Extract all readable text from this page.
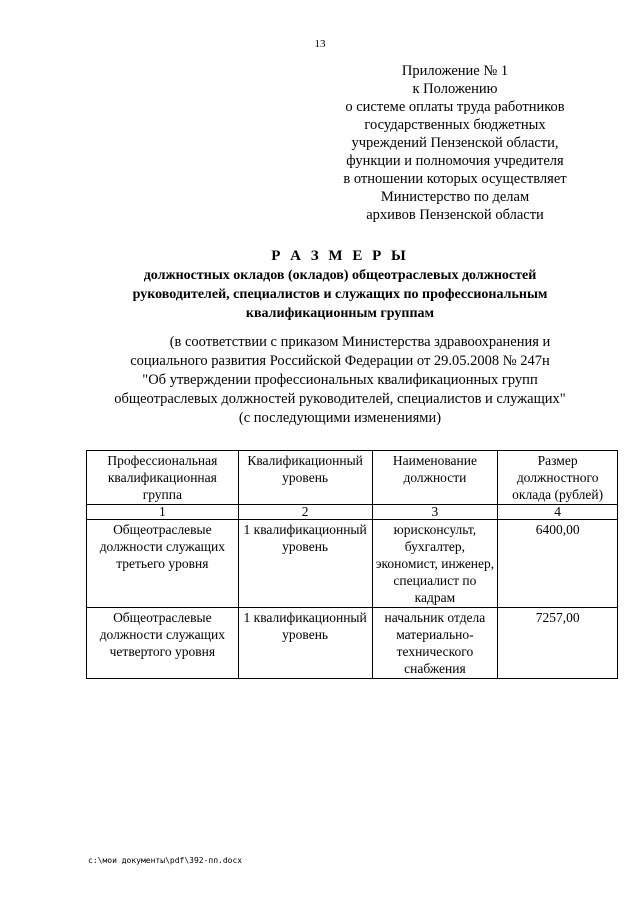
13
Приложение № 1
к Положению
о системе оплаты труда работников
государственных бюджетных
учреждений Пензенской области,
функции и полномочия учредителя
в отношении которых осуществляет
Министерство по делам
архивов Пензенской области
Р А З М Е Р Ы
должностных окладов (окладов) общеотраслевых должностей
руководителей, специалистов и служащих по профессиональным
квалификационным группам
(в соответствии с приказом Министерства здравоохранения и
социального развития Российской Федерации от 29.05.2008 № 247н
"Об утверждении профессиональных квалификационных групп
общеотраслевых должностей руководителей, специалистов и служащих"
(с последующими изменениями)
Профессиональная квалификационная группа	Квалификационный уровень	Наименование должности	Размер должностного оклада (рублей)
1	2	3	4
Общеотраслевые должности служащих третьего уровня	1 квалификационный уровень	юрисконсульт, бухгалтер, экономист, инженер, специалист по кадрам	6400,00
Общеотраслевые должности служащих четвертого уровня	1 квалификационный уровень	начальник отдела материально-технического снабжения	7257,00
c:\мои документы\pdf\392-пп.docx
